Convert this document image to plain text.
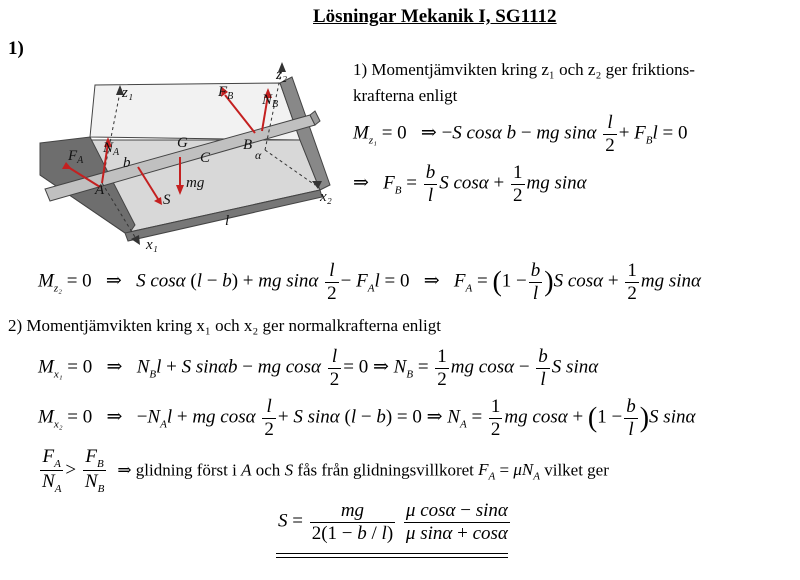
Lösningar Mekanik I, SG1112
1)
z₁
z₂
x₁
x₂
$F_A$
$N_A$
$F_B$ $N_B$
A
B
C
G
S
b
l
mg
α
1) Momentjämvikten kring z₁ och z₂ ger friktions-
krafterna enligt
$M_{z_1} = 0$ ⇒ −S cosα b − mg sinα $\frac{l}{2} + F_Bl = 0$
⇒   $F_B = \frac{b}{l}$ S $\cos\alpha + \frac{1}{2}$ mg sinα
$M_{z_2} = 0$ ⇒   S cosα (l − b) + mg sinα $\frac{l}{2} - F_Al = 0$ ⇒   $F_A = (1 - \frac{b}{l} )S$ $\cos\alpha + \frac{1}{2}$ mg sinα
2) Momentjämvikten kring x₁ och x₂ ger normalkrafterna enligt
$M_{x_1} = 0$ ⇒   $N_Bl + S$ sinαb − mg cosα $\frac{l}{2} = 0$ ⇒ $N_B = \frac{1}{2}$ mg $\cos\alpha - \frac{b}{l}$ S sinα
$M_{x_2} = 0$ ⇒ $-N_Al$ + mg cosα $\frac{l}{2} + S$ sinα (l − b) = 0 ⇒ $N_A = \frac{1}{2}$ mg $\cos\alpha + (1 - \frac{b}{l} )S$ sinα
$\frac{F_A}{N_A} > \frac{F_B}{N_B}$ ⇒ glidning först i A och S fås från glidningsvillkoret $F_A = \mu N_A$ vilket ger
$S = \frac{mg}{2(1 - b / l)}$
$\frac{\text{μ cosα − sinα}}{\text{μ sinα + cosα}}$
